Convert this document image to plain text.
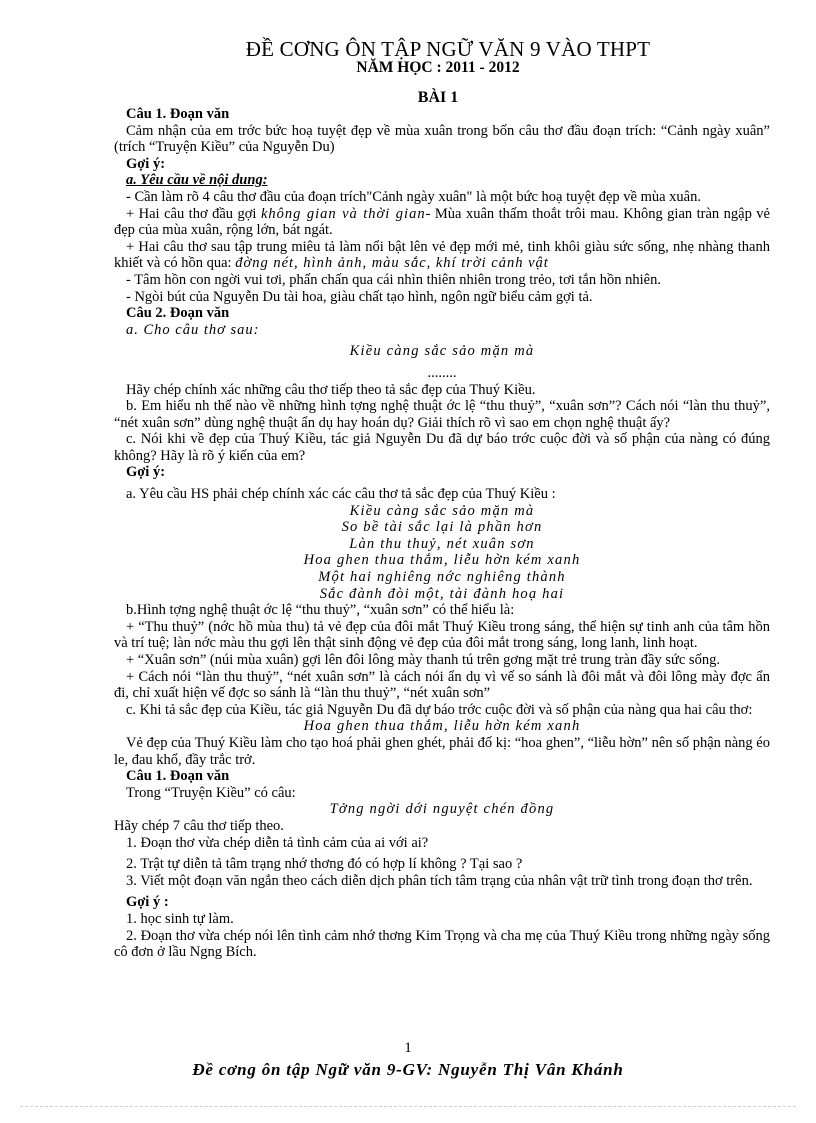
ĐỀ CƠNG ÔN TẬP NGỮ VĂN 9 VÀO THPT
NĂM HỌC : 2011 - 2012
BÀI 1
Câu 1. Đoạn văn

Cảm nhận của em trớc bức hoạ tuyệt đẹp về mùa xuân trong bốn câu thơ đầu đoạn trích: “Cảnh ngày xuân” (trích “Truyện Kiều” của Nguyễn Du)

Gợi ý:

a. Yêu cầu về nội dung:

- Cần làm rõ 4 câu thơ đầu của đoạn trích"Cảnh ngày xuân" là một bức hoạ tuyệt đẹp về mùa xuân.

+ Hai câu thơ đầu gợi không gian và thời gian- Mùa xuân thấm thoắt trôi mau. Không gian tràn ngập vẻ đẹp của mùa xuân, rộng lớn, bát ngát.

+ Hai câu thơ sau tập trung miêu tả làm nổi bật lên vẻ đẹp mới mẻ, tinh khôi giàu sức sống, nhẹ nhàng thanh khiết và có hồn qua: đờng nét, hình ảnh, màu sắc, khí trời cảnh vật

- Tâm hồn con ngời vui tơi, phấn chấn qua cái nhìn thiên nhiên trong trẻo, tơi tắn hồn nhiên.

- Ngòi bút của Nguyễn Du tài hoa, giàu chất tạo hình, ngôn ngữ biểu cảm gợi tả.

Câu 2. Đoạn văn

a. Cho câu thơ sau:

Kiều càng sắc sảo mặn mà
........

Hãy chép chính xác những câu thơ tiếp theo tả sắc đẹp của Thuý Kiều.

b. Em hiểu nh thế nào về những hình tợng nghệ thuật ớc lệ “thu thuỷ”, “xuân sơn”? Cách nói “làn thu thuỷ”, “nét xuân sơn” dùng nghệ thuật ẩn dụ hay hoán dụ? Giải thích rõ vì sao em chọn nghệ thuật ấy?

c. Nói khi về đẹp của Thuý Kiều, tác giả Nguyễn Du đã dự báo trớc cuộc đời và số phận của nàng có đúng không? Hãy là rõ ý kiến của em?

Gợi ý:

a. Yêu cầu HS phải chép chính xác các câu thơ tả sắc đẹp của Thuý Kiều :

Kiều càng sắc sảo mặn mà
So bề tài sắc lại là phần hơn
Làn thu thuỷ, nét xuân sơn
Hoa ghen thua thắm, liễu hờn kém xanh
Một hai nghiêng nớc nghiêng thành
Sắc đành đòi một, tài đành hoạ hai

b.Hình tợng nghệ thuật ớc lệ “thu thuỷ”, “xuân sơn” có thể hiểu là:

+ “Thu thuỷ” (nớc hồ mùa thu) tả vẻ đẹp của đôi mắt Thuý Kiều trong sáng, thể hiện sự tinh anh của tâm hồn và trí tuệ; làn nớc màu thu gợi lên thật sinh động vẻ đẹp của đôi mắt trong sáng, long lanh, linh hoạt.

+ “Xuân sơn” (núi mùa xuân) gợi lên đôi lông mày thanh tú trên gơng mặt trẻ trung tràn đầy sức sống.

+ Cách nói “làn thu thuỷ”, “nét xuân sơn” là cách nói ẩn dụ vì vế so sánh là đôi mắt và đôi lông mày đợc ẩn đi, chỉ xuất hiện vế đợc so sánh là “làn thu thuỷ”, “nét xuân sơn”

c. Khi tả sắc đẹp của Kiều, tác giả Nguyễn Du đã dự báo trớc cuộc đời và số phận của nàng qua hai câu thơ:

Hoa ghen thua thắm, liễu hờn kém xanh

Vẻ đẹp của Thuý Kiều làm cho tạo hoá phải ghen ghét, phải đố kị: “hoa ghen”, “liễu hờn” nên số phận nàng éo le, đau khổ, đầy trắc trở.

Câu 1. Đoạn văn

Trong “Truyện Kiều” có câu:

Tởng ngời dới nguyệt chén đồng

Hãy chép 7 câu thơ tiếp theo.

1. Đoạn thơ vừa chép diễn tả tình cảm của ai với ai?

2. Trật tự diễn tả tâm trạng nhớ thơng đó có hợp lí không ? Tại sao ?

3. Viết một đoạn văn ngắn theo cách diễn dịch phân tích tâm trạng của nhân vật trữ tình trong đoạn thơ trên.

Gợi ý :

1. học sinh tự làm.

2. Đoạn thơ vừa chép nói lên tình cảm nhớ thơng Kim Trọng và cha mẹ của Thuý Kiều trong những ngày sống cô đơn ở lầu Ngng Bích.

1
Đề cơng ôn tập Ngữ văn 9-GV: Nguyễn Thị Vân Khánh
